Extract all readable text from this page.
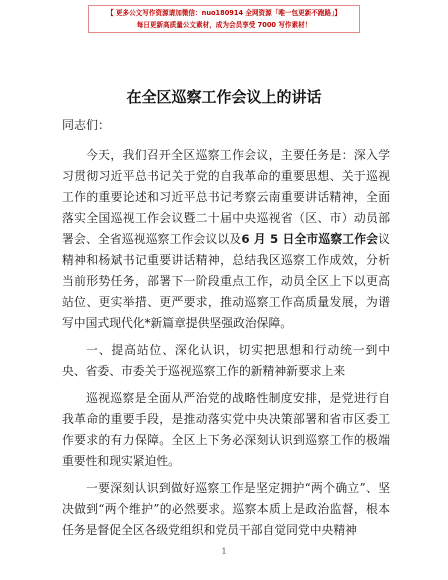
【 更多公文写作资源请加微信：nuo180914 全网资源「唯一包更新不跑路」】
每日更新高质量公文素材，成为会员享受 7000 写作素材！
在全区巡察工作会议上的讲话
同志们：

今天，我们召开全区巡察工作会议，主要任务是：深入学习贯彻习近平总书记关于党的自我革命的重要思想、关于巡视工作的重要论述和习近平总书记考察云南重要讲话精神，全面落实全国巡视工作会议暨二十届中央巡视省（区、市）动员部署会、全省巡视巡察工作会议以及6 月 5 日全市巡察工作会议精神和杨斌书记重要讲话精神，总结我区巡察工作成效，分析当前形势任务，部署下一阶段重点工作，动员全区上下以更高站位、更实举措、更严要求，推动巡察工作高质量发展，为谱写中国式现代化*新篇章提供坚强政治保障。

一、提高站位、深化认识，切实把思想和行动统一到中央、省委、市委关于巡视巡察工作的新精神新要求上来

巡视巡察是全面从严治党的战略性制度安排，是党进行自我革命的重要手段，是推动落实党中央决策部署和省市区委工作要求的有力保障。全区上下务必深刻认识到巡察工作的极端重要性和现实紧迫性。

一要深刻认识到做好巡察工作是坚定拥护“两个确立”、坚决做到“两个维护”的必然要求。巡察本质上是政治监督，根本任务是督促全区各级党组织和党员干部自觉同党中央精神

1
